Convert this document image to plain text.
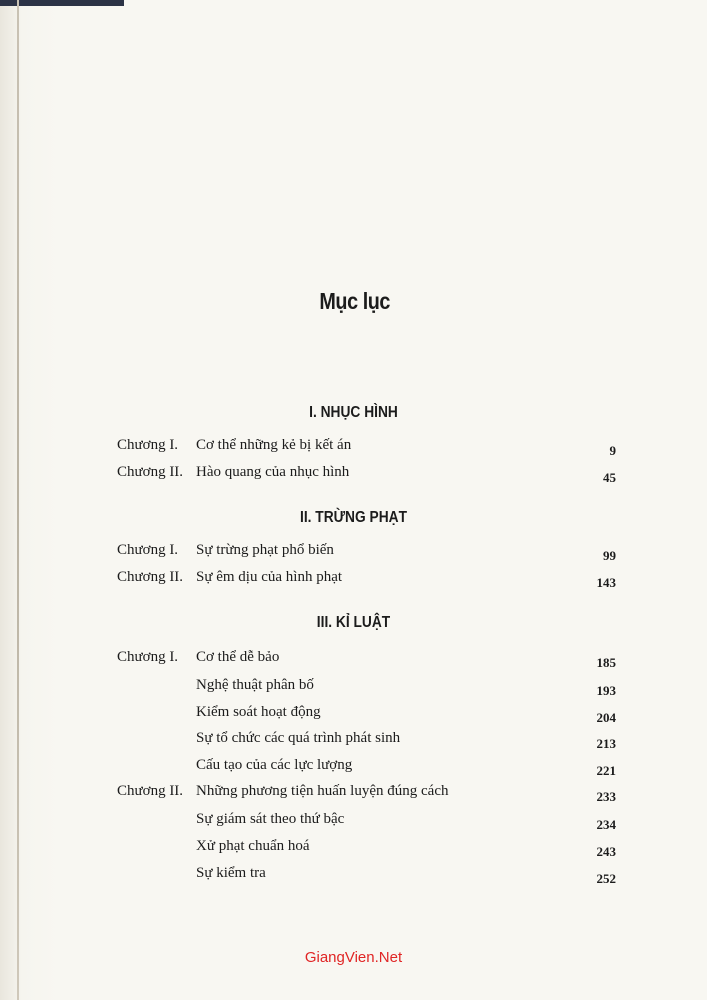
Mục lục
I. NHỤC HÌNH
Chương I. Cơ thể những kẻ bị kết án	9
Chương II. Hào quang của nhục hình	45
II. TRỪNG PHẠT
Chương I. Sự trừng phạt phổ biến	99
Chương II. Sự êm dịu của hình phạt	143
III. KỈ LUẬT
Chương I. Cơ thể dễ bảo	185
Nghệ thuật phân bố	193
Kiểm soát hoạt động	204
Sự tổ chức các quá trình phát sinh	213
Cấu tạo của các lực lượng	221
Chương II. Những phương tiện huấn luyện đúng cách	233
Sự giám sát theo thứ bậc	234
Xử phạt chuẩn hoá	243
Sự kiểm tra	252
GiangVien.Net
